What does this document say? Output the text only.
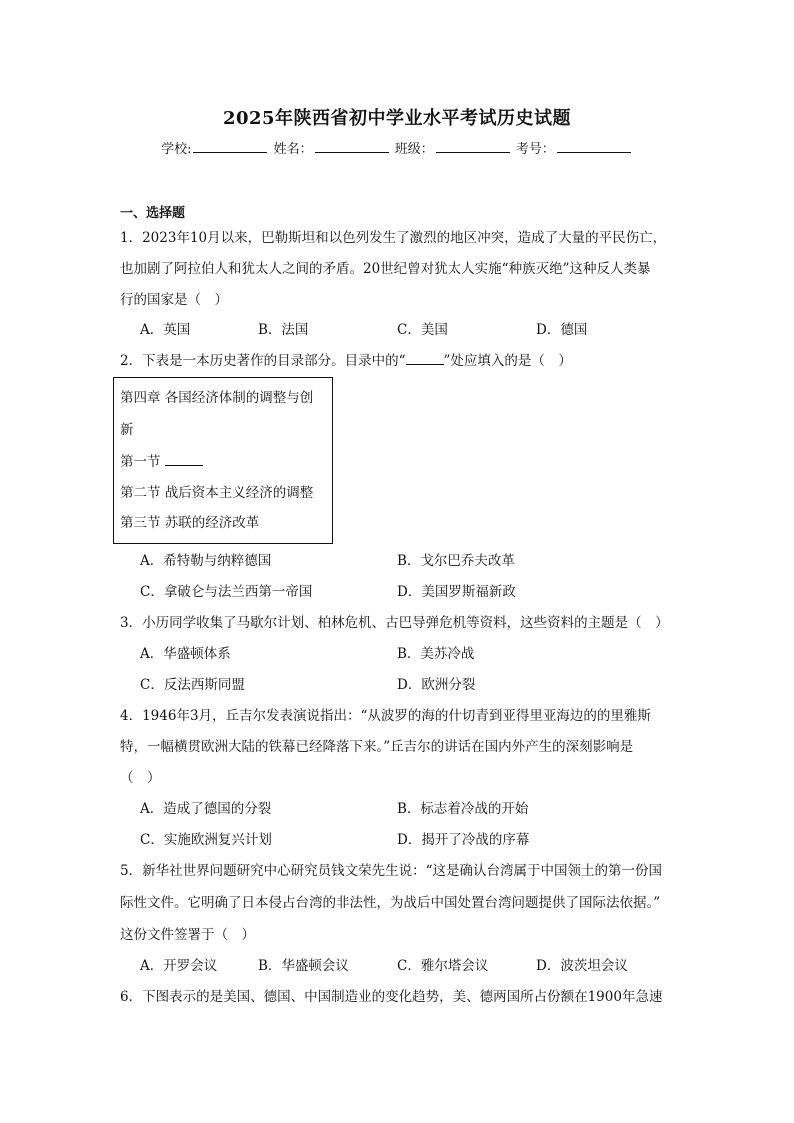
2025年陕西省初中学业水平考试历史试题
学校:	姓名：	班级：	考号：
一、选择题
1．2023年10月以来，巴勒斯坦和以色列发生了激烈的地区冲突，造成了大量的平民伤亡，
也加剧了阿拉伯人和犹太人之间的矛盾。20世纪曾对犹太人实施“种族灭绝”这种反人类暴
行的国家是（　）
A．英国	B．法国	C．美国	D．德国
2．下表是一本历史著作的目录部分。目录中的“	”处应填入的是（　）
第四章 各国经济体制的调整与创
新
第一节
第二节 战后资本主义经济的调整
第三节 苏联的经济改革
A．希特勒与纳粹德国	B．戈尔巴乔夫改革
C．拿破仑与法兰西第一帝国	D．美国罗斯福新政
3．小历同学收集了马歇尔计划、柏林危机、古巴导弹危机等资料，这些资料的主题是（　）
A．华盛顿体系	B．美苏冷战
C．反法西斯同盟	D．欧洲分裂
4．1946年3月，丘吉尔发表演说指出：“从波罗的海的什切青到亚得里亚海边的的里雅斯
特，一幅横贯欧洲大陆的铁幕已经降落下来。”丘吉尔的讲话在国内外产生的深刻影响是
（　）
A．造成了德国的分裂	B．标志着冷战的开始
C．实施欧洲复兴计划	D．揭开了冷战的序幕
5．新华社世界问题研究中心研究员钱文荣先生说：“这是确认台湾属于中国领土的第一份国
际性文件。它明确了日本侵占台湾的非法性，为战后中国处置台湾问题提供了国际法依据。”
这份文件签署于（　）
A．开罗会议	B．华盛顿会议	C．雅尔塔会议	D．波茨坦会议
6．下图表示的是美国、德国、中国制造业的变化趋势，美、德两国所占份额在1900年急速
